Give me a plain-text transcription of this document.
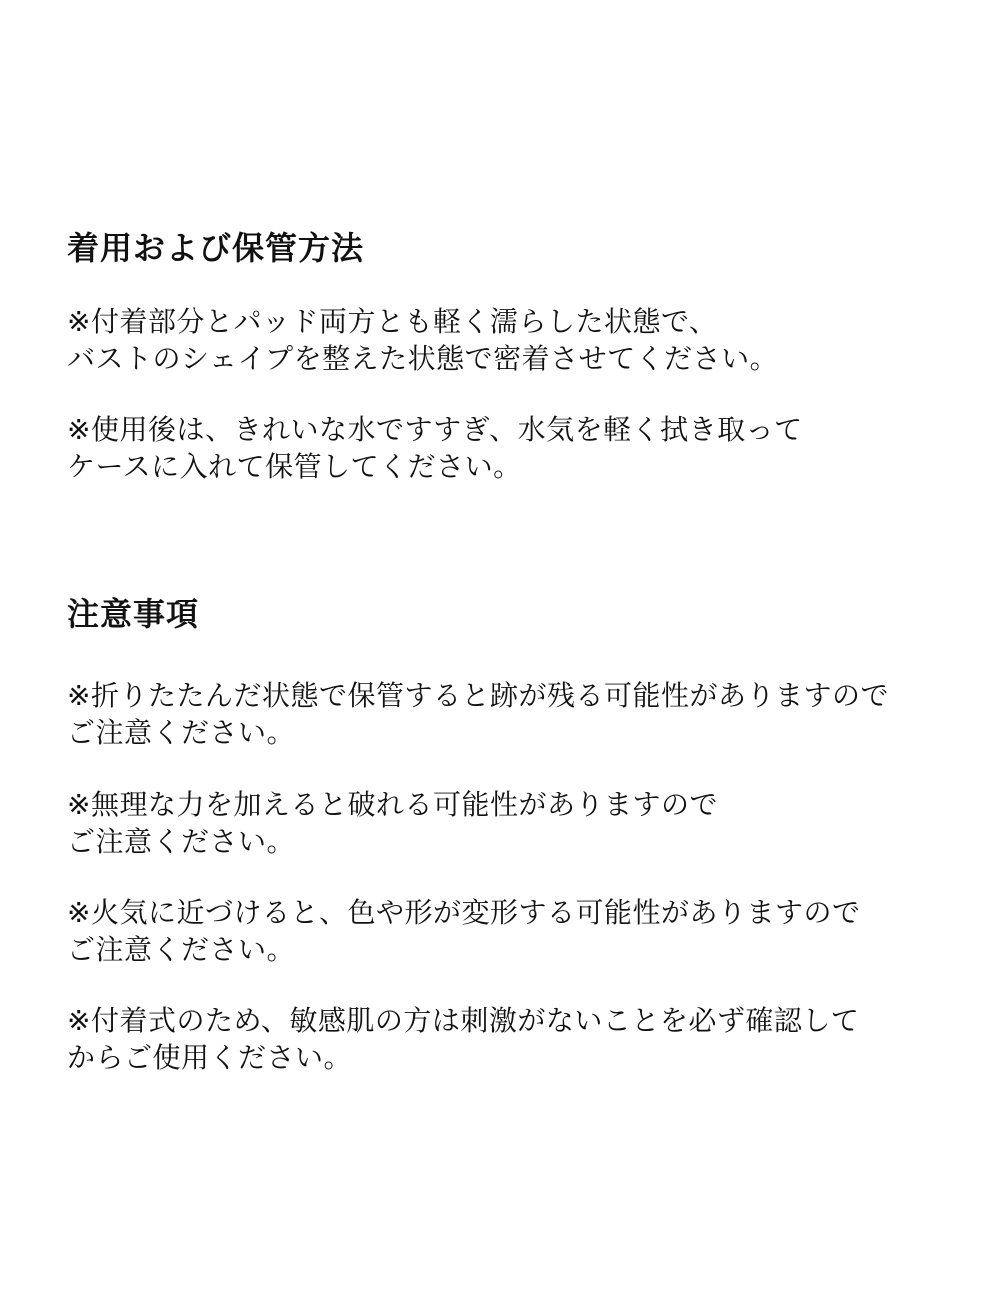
着用および保管方法

※付着部分とパッド両方とも軽く濡らした状態で、
バストのシェイプを整えた状態で密着させてください。

※使用後は、きれいな水ですすぎ、水気を軽く拭き取って
ケースに入れて保管してください。

注意事項

※折りたたんだ状態で保管すると跡が残る可能性がありますので
ご注意ください。

※無理な力を加えると破れる可能性がありますので
ご注意ください。

※火気に近づけると、色や形が変形する可能性がありますので
ご注意ください。

※付着式のため、敏感肌の方は刺激がないことを必ず確認して
からご使用ください。
